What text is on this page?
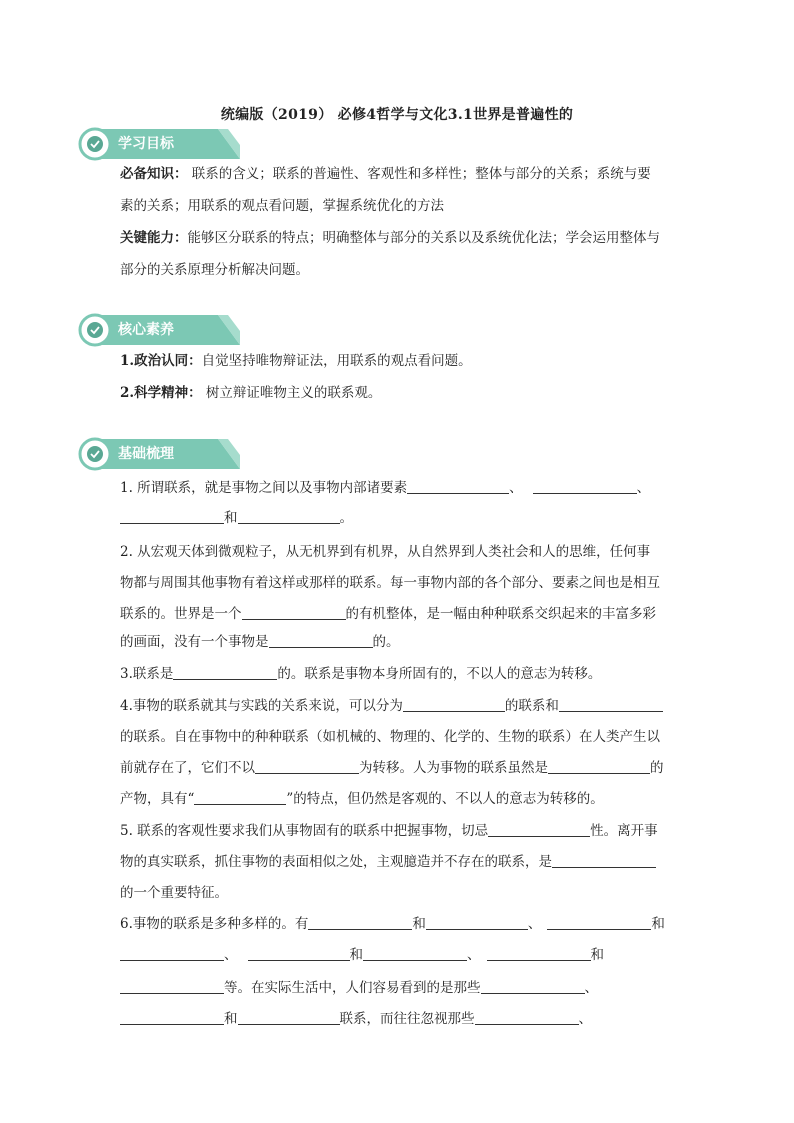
统编版（2019） 必修4哲学与文化3.1世界是普遍性的
学习目标
必备知识： 联系的含义；联系的普遍性、客观性和多样性；整体与部分的关系；系统与要
素的关系；用联系的观点看问题，掌握系统优化的方法
关键能力：能够区分联系的特点；明确整体与部分的关系以及系统优化法；学会运用整体与
部分的关系原理分析解决问题。
核心素养
1.政治认同：自觉坚持唯物辩证法，用联系的观点看问题。
2.科学精神： 树立辩证唯物主义的联系观。
基础梳理
1. 所谓联系，就是事物之间以及事物内部诸要素	、	、
和	。
2. 从宏观天体到微观粒子，从无机界到有机界，从自然界到人类社会和人的思维，任何事
物都与周围其他事物有着这样或那样的联系。每一事物内部的各个部分、要素之间也是相互
联系的。世界是一个	的有机整体，是一幅由种种联系交织起来的丰富多彩
的画面，没有一个事物是	的。
3.联系是	的。联系是事物本身所固有的，不以人的意志为转移。
4.事物的联系就其与实践的关系来说，可以分为	的联系和
的联系。自在事物中的种种联系（如机械的、物理的、化学的、生物的联系）在人类产生以
前就存在了，它们不以	为转移。人为事物的联系虽然是	的
产物，具有“	”的特点，但仍然是客观的、不以人的意志为转移的。
5. 联系的客观性要求我们从事物固有的联系中把握事物，切忌	性。离开事
物的真实联系，抓住事物的表面相似之处，主观臆造并不存在的联系，是
的一个重要特征。
6.事物的联系是多种多样的。有	和	、	和
、	和	、	和
等。在实际生活中，人们容易看到的是那些	、
和	联系，而往往忽视那些	、
